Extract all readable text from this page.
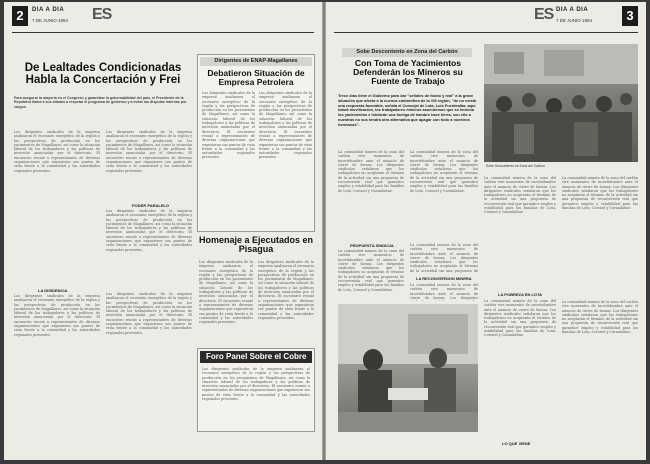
2	DIA A DIA
7 DE JUNIO 1994 ES
De Lealtades Condicionadas Habla la Concertación y Frei
Para asegurar la mayoría en el Congreso y garantizar la gobernabilidad del país, el Presidente de la República llamó a sus aliados a respetar el programa de gobierno y a evitar las disputas internas por cargos.
Los dirigentes sindicales de la empresa analizaron el escenario energético de la región y las perspectivas de producción en los yacimientos de Magallanes, así como la situación laboral de los trabajadores y las políticas de inversión anunciadas por el directorio. El encuentro reunió a representantes de diversas organizaciones que expusieron sus puntos de vista frente a la comunidad y las autoridades regionales presentes.
Los dirigentes sindicales de la empresa analizaron el escenario energético de la región y las perspectivas de producción en los yacimientos de Magallanes, así como la situación laboral de los trabajadores y las políticas de inversión anunciadas por el directorio. El encuentro reunió a representantes de diversas organizaciones que expusieron sus puntos de vista frente a la comunidad y las autoridades regionales presentes.
PODER PARALELO
Los dirigentes sindicales de la empresa analizaron el escenario energético de la región y las perspectivas de producción en los yacimientos de Magallanes, así como la situación laboral de los trabajadores y las políticas de inversión anunciadas por el directorio. El encuentro reunió a representantes de diversas organizaciones que expusieron sus puntos de vista frente a la comunidad y las autoridades regionales presentes.
LA DISIDENCIA
Los dirigentes sindicales de la empresa analizaron el escenario energético de la región y las perspectivas de producción en los yacimientos de Magallanes, así como la situación laboral de los trabajadores y las políticas de inversión anunciadas por el directorio. El encuentro reunió a representantes de diversas organizaciones que expusieron sus puntos de vista frente a la comunidad y las autoridades regionales presentes.
Los dirigentes sindicales de la empresa analizaron el escenario energético de la región y las perspectivas de producción en los yacimientos de Magallanes, así como la situación laboral de los trabajadores y las políticas de inversión anunciadas por el directorio. El encuentro reunió a representantes de diversas organizaciones que expusieron sus puntos de vista frente a la comunidad y las autoridades regionales presentes.
Dirigentes de ENAP-Magallanes
Debatieron Situación de Empresa Petrolera
Los dirigentes sindicales de la empresa analizaron el escenario energético de la región y las perspectivas de producción en los yacimientos de Magallanes, así como la situación laboral de los trabajadores y las políticas de inversión anunciadas por el directorio. El encuentro reunió a representantes de diversas organizaciones que expusieron sus puntos de vista frente a la comunidad y las autoridades regionales presentes.
Los dirigentes sindicales de la empresa analizaron el escenario energético de la región y las perspectivas de producción en los yacimientos de Magallanes, así como la situación laboral de los trabajadores y las políticas de inversión anunciadas por el directorio. El encuentro reunió a representantes de diversas organizaciones que expusieron sus puntos de vista frente a la comunidad y las autoridades regionales presentes.
Homenaje a Ejecutados en Pisagua
Los dirigentes sindicales de la empresa analizaron el escenario energético de la región y las perspectivas de producción en los yacimientos de Magallanes, así como la situación laboral de los trabajadores y las políticas de inversión anunciadas por el directorio. El encuentro reunió a representantes de diversas organizaciones que expusieron sus puntos de vista frente a la comunidad y las autoridades regionales presentes.
Los dirigentes sindicales de la empresa analizaron el escenario energético de la región y las perspectivas de producción en los yacimientos de Magallanes, así como la situación laboral de los trabajadores y las políticas de inversión anunciadas por el directorio. El encuentro reunió a representantes de diversas organizaciones que expusieron sus puntos de vista frente a la comunidad y las autoridades regionales presentes.
Foro Panel Sobre el Cobre
Los dirigentes sindicales de la empresa analizaron el escenario energético de la región y las perspectivas de producción en los yacimientos de Magallanes, así como la situación laboral de los trabajadores y las políticas de inversión anunciadas por el directorio. El encuentro reunió a representantes de diversas organizaciones que expusieron sus puntos de vista frente a la comunidad y las autoridades regionales presentes.
ES DIA A DIA
7 DE JUNIO 1994	3
Sobe Descontento en Zona del Carbón
Con Toma de Yacimientos Defenderán los Mineros su Fuente de Trabajo
Trece días tiene el Gobierno para dar "señales de fondo y real" a la grave situación que afecta a la cuenca carbonífera de la VIII región, "de no existir una respuesta favorable, señala el Concejal de Lota, Luis Fuentealba, aquí habrá movilización, los trabajadores mineros asumiremos que se termina los yacimientos e iniciarán una huelga de hambre hace tierra, con ello a nuestras no sus tendrá otra alternativa que apagar con todo a nuestros hermanos".
Sobe Descontento en Zona del Carbón
La comunidad minera de la zona del carbón vive momentos de incertidumbre ante el anuncio de cierre de faenas. Los dirigentes sindicales señalaron que los trabajadores no aceptarán el término de la actividad sin una propuesta de reconversión real que garantice empleo y estabilidad para las familias de Lota, Coronel y Curanilahue.
La comunidad minera de la zona del carbón vive momentos de incertidumbre ante el anuncio de cierre de faenas. Los dirigentes sindicales señalaron que los trabajadores no aceptarán el término de la actividad sin una propuesta de reconversión real que garantice empleo y estabilidad para las familias de Lota, Coronel y Curanilahue.
PROPUESTA SINDICAL
La comunidad minera de la zona del carbón vive momentos de incertidumbre ante el anuncio de cierre de faenas. Los dirigentes sindicales señalaron que los trabajadores no aceptarán el término de la actividad sin una propuesta de reconversión real que garantice empleo y estabilidad para las familias de Lota, Coronel y Curanilahue.
La comunidad minera de la zona del carbón vive momentos de incertidumbre ante el anuncio de cierre de faenas. Los dirigentes sindicales señalaron que los trabajadores no aceptarán el término de la actividad sin una propuesta de
LA RECONVERSION MINERA
La comunidad minera de la zona del carbón vive momentos de incertidumbre ante el anuncio de cierre de faenas. Los dirigentes
La comunidad minera de la zona del carbón vive momentos de incertidumbre ante el anuncio de cierre de faenas. Los dirigentes sindicales señalaron que los trabajadores no aceptarán el término de la actividad sin una propuesta de reconversión real que garantice empleo y estabilidad para las familias de Lota, Coronel y Curanilahue.
La comunidad minera de la zona del carbón vive momentos de incertidumbre ante el anuncio de cierre de faenas. Los dirigentes sindicales señalaron que los trabajadores no aceptarán el término de la actividad sin una propuesta de reconversión real que garantice empleo y estabilidad para las familias de Lota, Coronel y Curanilahue.
LA POBREZA EN LOTA
La comunidad minera de la zona del carbón vive momentos de incertidumbre ante el anuncio de cierre de faenas. Los dirigentes sindicales señalaron que los trabajadores no aceptarán el término de la actividad sin una propuesta de reconversión real que garantice empleo y estabilidad para las familias de Lota, Coronel y Curanilahue.
La comunidad minera de la zona del carbón vive momentos de incertidumbre ante el anuncio de cierre de faenas. Los dirigentes sindicales señalaron que los trabajadores no aceptarán el término de la actividad sin una propuesta de reconversión real que garantice empleo y estabilidad para las familias de Lota, Coronel y Curanilahue.
LO QUE VIENE
